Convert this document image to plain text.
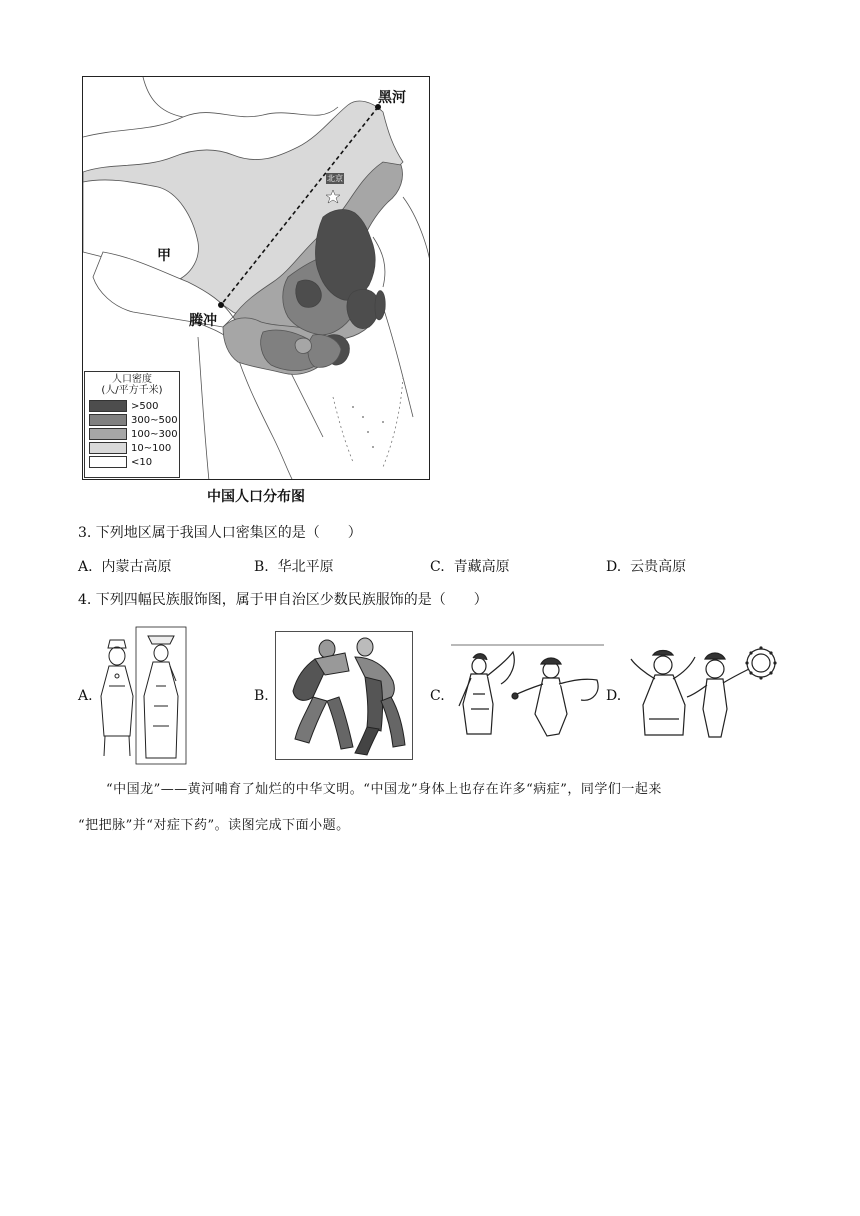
黑河
腾冲
甲
北京
人口密度
(人/平方千米)
>500
300~500
100~300
10~100
<10
中国人口分布图
3. 下列地区属于我国人口密集区的是（　　）
A. 内蒙古高原	B. 华北平原	C. 青藏高原	D. 云贵高原
4. 下列四幅民族服饰图，属于甲自治区少数民族服饰的是（　　）
A.	B.	C.	D.
“中国龙”——黄河哺育了灿烂的中华文明。“中国龙”身体上也存在许多“病症”，同学们一起来
“把把脉”并“对症下药”。读图完成下面小题。
